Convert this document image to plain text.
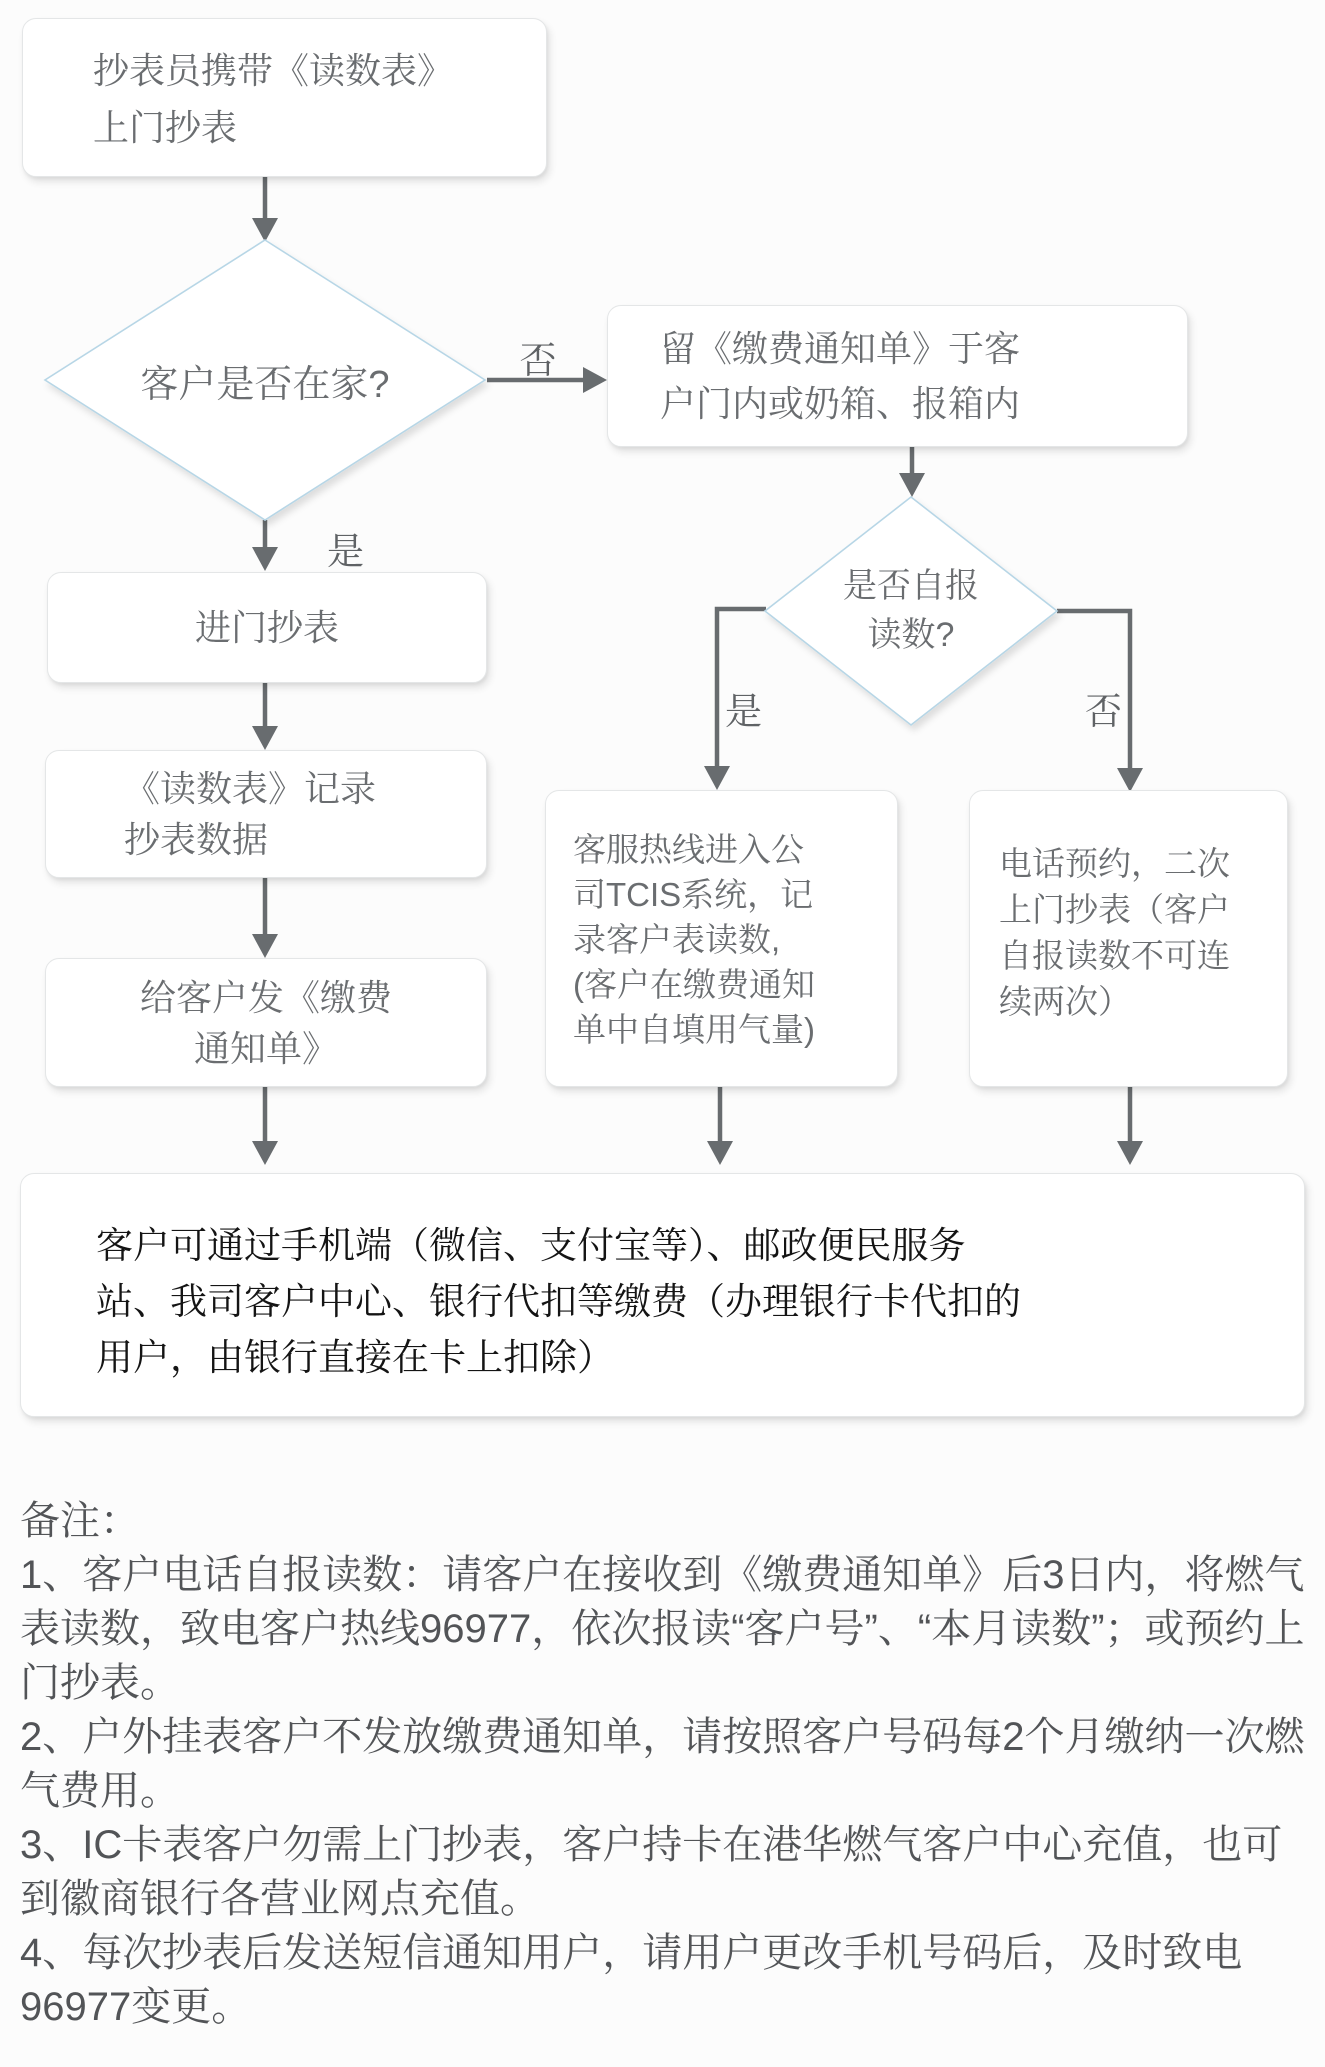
抄表员携带《读数表》
上门抄表
留《缴费通知单》于客
户门内或奶箱、报箱内
进门抄表
《读数表》记录
抄表数据
给客户发《缴费
通知单》
客服热线进入公
司TCIS系统，记
录客户表读数,
(客户在缴费通知
单中自填用气量)
电话预约，二次
上门抄表（客户
自报读数不可连
续两次）
客户可通过手机端（微信、支付宝等）、邮政便民服务
站、我司客户中心、银行代扣等缴费（办理银行卡代扣的
用户，由银行直接在卡上扣除）
客户是否在家?
是否自报
读数?
否
是
是	否

备注：

1、客户电话自报读数：请客户在接收到《缴费通知单》后3日内，将燃气表读数，致电客户热线96977，依次报读“客户号”、“本月读数”；或预约上门抄表。

2、户外挂表客户不发放缴费通知单，请按照客户号码每2个月缴纳一次燃气费用。

3、IC卡表客户勿需上门抄表，客户持卡在港华燃气客户中心充值，也可到徽商银行各营业网点充值。

4、每次抄表后发送短信通知用户，请用户更改手机号码后，及时致电96977变更。
